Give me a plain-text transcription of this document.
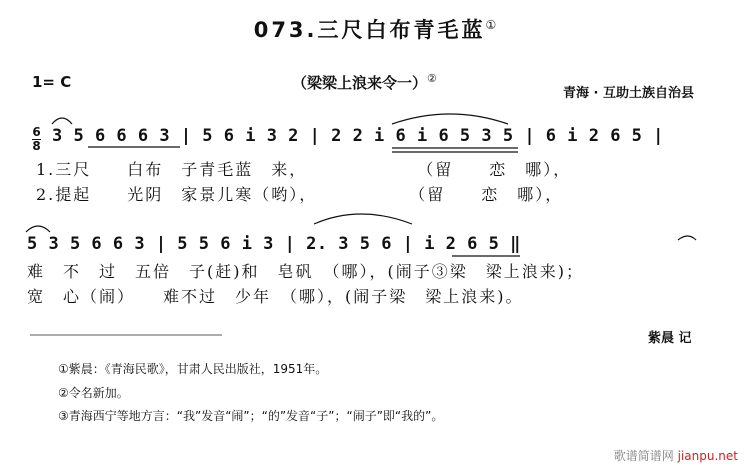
073.三尺白布青毛蓝①
1= C	（梁梁上浪来令一）②
青海 · 互助土族自治县
6
8 3 5 6 6 6 3 | 5 6 i 3 2 | 2 2 i 6 i 6 5 3 5 | 6 i 2 6 5 |
1.三尺　　白布　子青毛蓝　来，　　　　　　　（留　　恋　哪），
2.提起　　光阴　家景儿寒（哟），　　　　　　（留　　恋　哪），
5 3 5 6 6 3 | 5 5 6 i 3 | 2. 3 5 6 | i 2 6 5 ‖
难　不　过　五倍　子(赶)和　皂矾　（哪），(闹子③梁　梁上浪来)；
宽　心（闹）　　难不过　少年　（哪），(闹子梁　梁上浪来)。
紫晨 记
①紫晨：《青海民歌》，甘肃人民出版社，1951年。
②令名新加。
③青海西宁等地方言：“我”发音“闹”；“的”发音“子”；“闹子”即“我的”。
歌谱简谱网 jianpu.net
